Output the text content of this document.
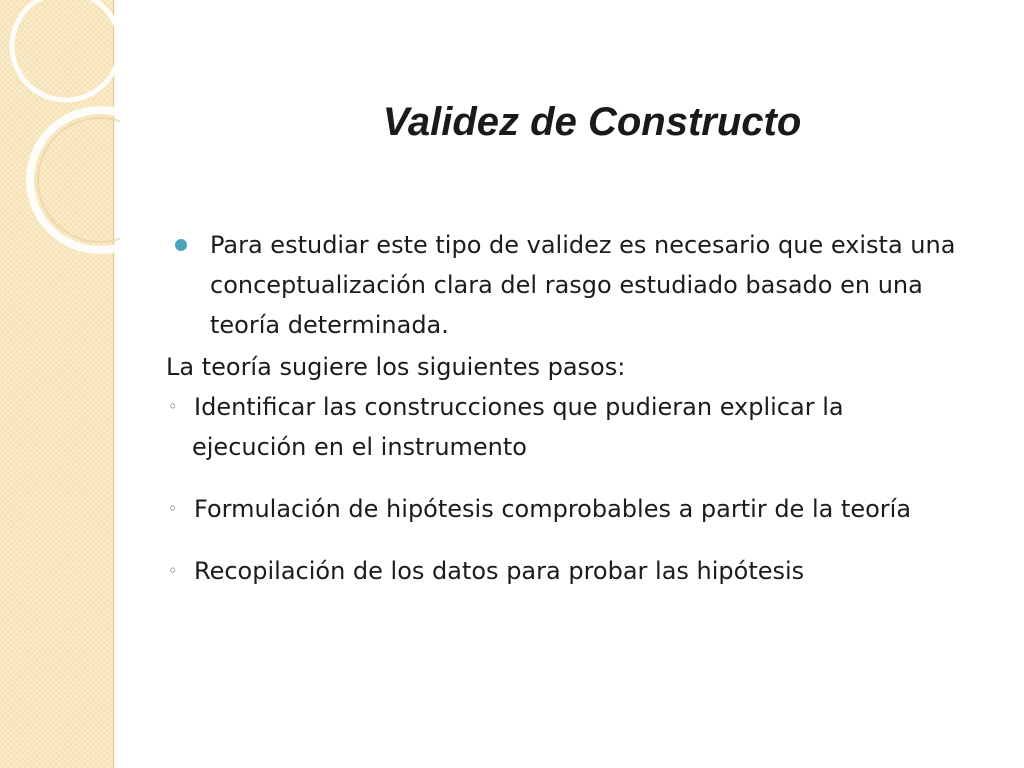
Validez de Constructo

Para estudiar este tipo de validez es necesario que exista una
conceptualización clara del rasgo estudiado basado en una
teoría determinada.

La teoría sugiere los siguientes pasos:

◦ Identificar las construcciones que pudieran explicar la

ejecución en el instrumento

◦ Formulación de hipótesis comprobables a partir de la teoría

◦ Recopilación de los datos para probar las hipótesis
